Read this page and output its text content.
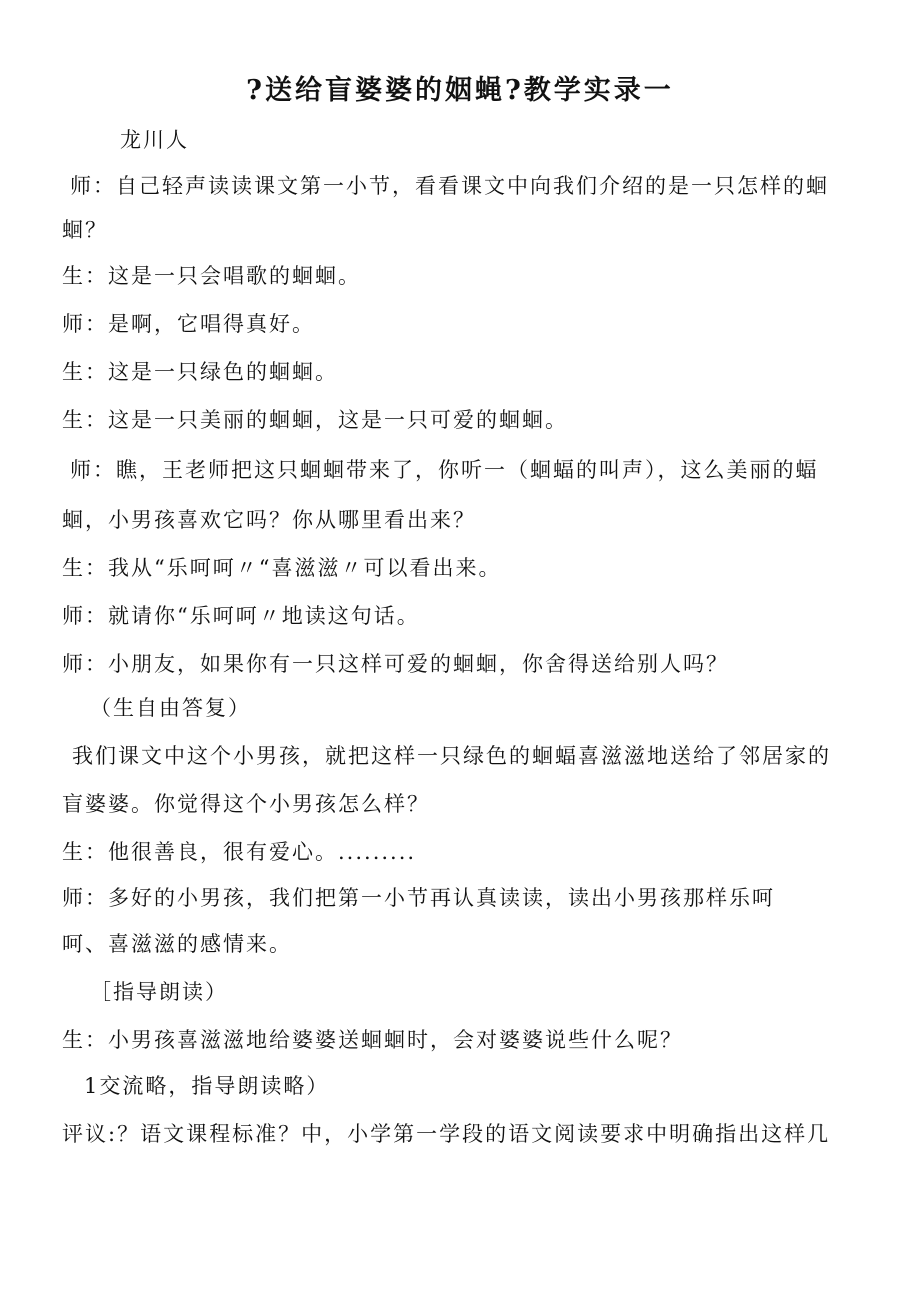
?送给盲婆婆的姻蝇?教学实录一
龙川人
师：自己轻声读读课文第一小节，看看课文中向我们介绍的是一只怎样的蛔
蛔？
生：这是一只会唱歌的蛔蛔。
师：是啊，它唱得真好。
生：这是一只绿色的蛔蛔。
生：这是一只美丽的蛔蛔，这是一只可爱的蛔蛔。
师：瞧，王老师把这只蛔蛔带来了，你听一（蛔蝠的叫声），这么美丽的蝠
蛔，小男孩喜欢它吗？你从哪里看出来？
生：我从“乐呵呵〃“喜滋滋〃可以看出来。
师：就请你“乐呵呵〃地读这句话。
师：小朋友，如果你有一只这样可爱的蛔蛔，你舍得送给别人吗？
（生自由答复）
我们课文中这个小男孩，就把这样一只绿色的蛔蝠喜滋滋地送给了邻居家的
盲婆婆。你觉得这个小男孩怎么样？
生：他很善良，很有爱心。.........
师：多好的小男孩，我们把第一小节再认真读读，读出小男孩那样乐呵
呵、喜滋滋的感情来。
［指导朗读）
生：小男孩喜滋滋地给婆婆送蛔蛔时，会对婆婆说些什么呢？
1交流略，指导朗读略）
评议:？语文课程标准？中，小学第一学段的语文阅读要求中明确指出这样几
